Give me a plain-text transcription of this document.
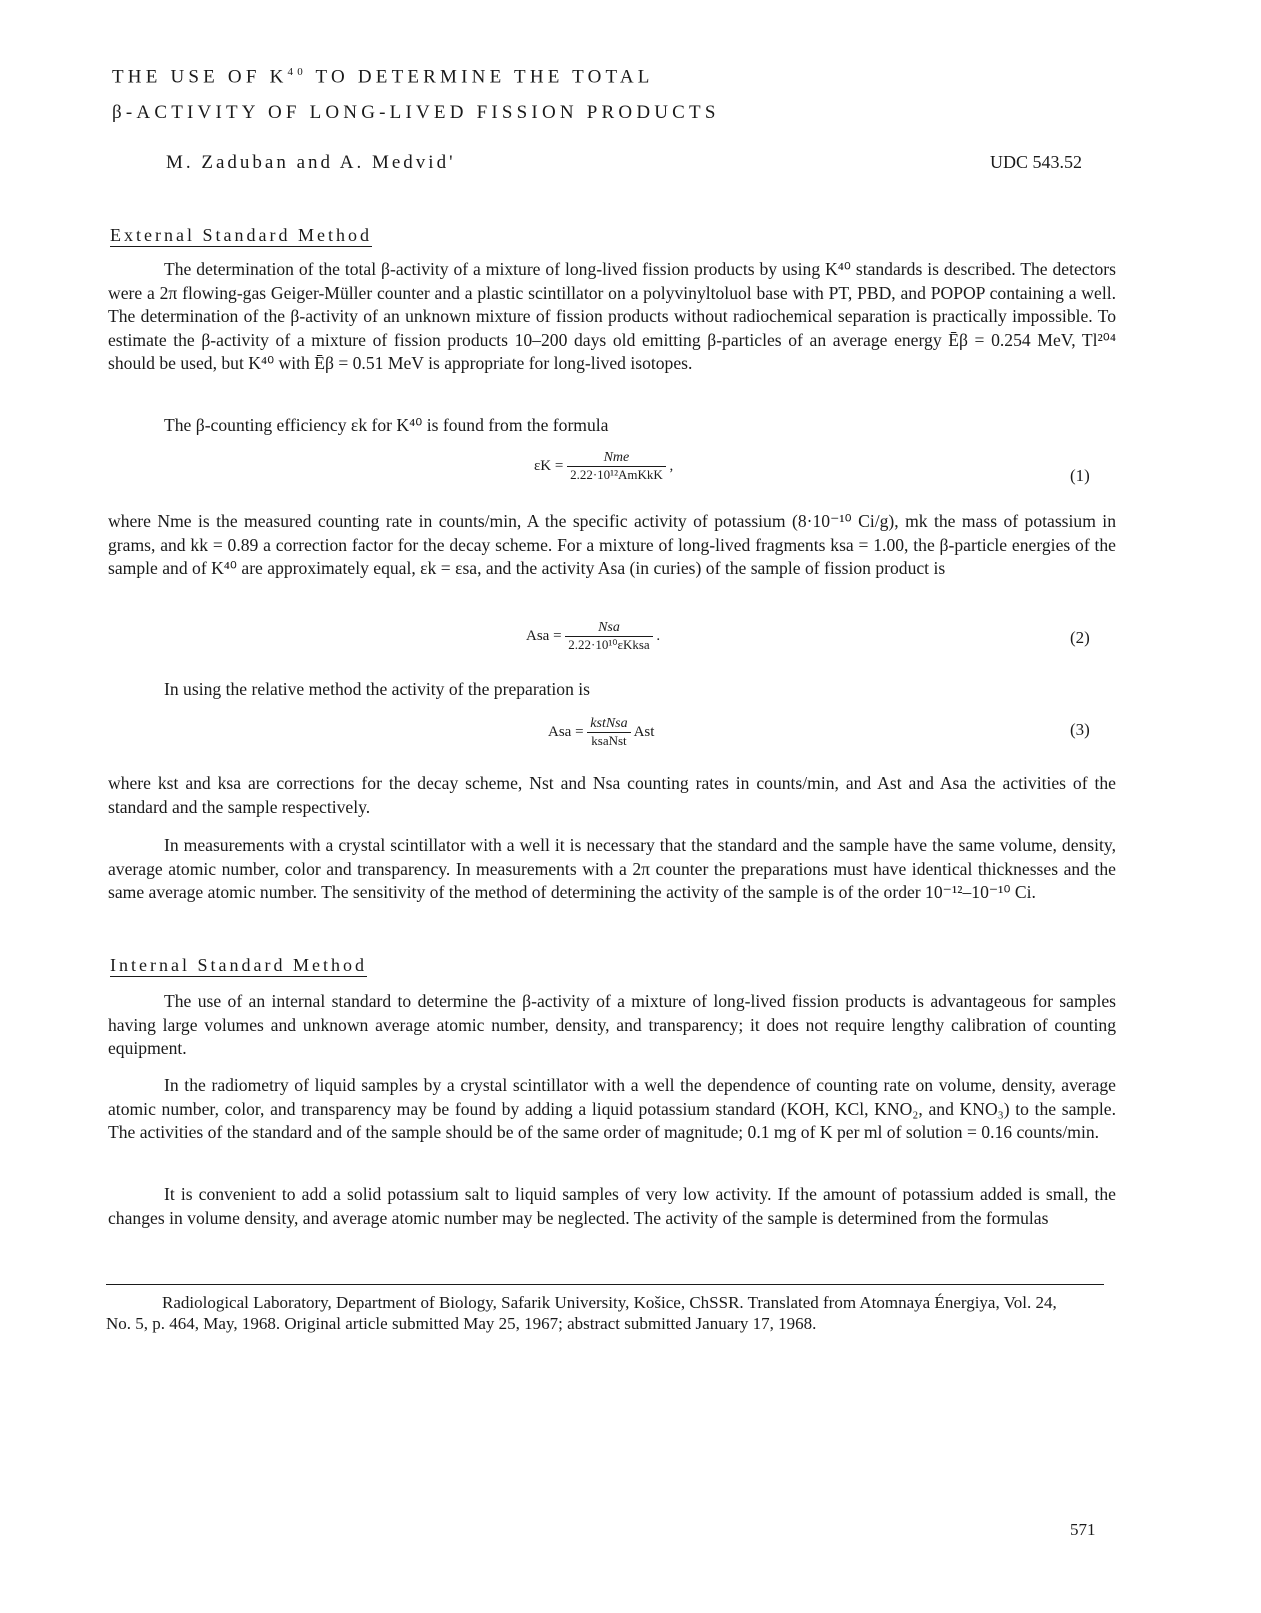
THE USE OF $K^{40}$ TO DETERMINE THE TOTAL
β-ACTIVITY OF LONG-LIVED FISSION PRODUCTS
M. Zaduban and A. Medvid'	UDC 543.52
External Standard Method

The determination of the total β-activity of a mixture of long-lived fission products by using K⁴⁰ standards is described. The detectors were a 2π flowing-gas Geiger-Müller counter and a plastic scintillator on a polyvinyltoluol base with PT, PBD, and POPOP containing a well. The determination of the β-activity of an unknown mixture of fission products without radiochemical separation is practically impossible. To estimate the β-activity of a mixture of fission products 10–200 days old emitting β-particles of an average energy Ēβ = 0.254 MeV, Tl²⁰⁴ should be used, but K⁴⁰ with Ēβ = 0.51 MeV is appropriate for long-lived isotopes.

The β-counting efficiency εk for K⁴⁰ is found from the formula

$\varepsilon K = \frac{\text{Nme}}{\text{2.22·10¹²AmKkK}}$ ,
(1)

where Nme is the measured counting rate in counts/min, A the specific activity of potassium (8·10⁻¹⁰ Ci/g), mk the mass of potassium in grams, and kk = 0.89 a correction factor for the decay scheme. For a mixture of long-lived fragments ksa = 1.00, the β-particle energies of the sample and of K⁴⁰ are approximately equal, εk = εsa, and the activity Asa (in curies) of the sample of fission product is

Asa = $\frac{\text{Nsa}}{\text{2.22·10¹⁰εKksa}}$ .	(2)

In using the relative method the activity of the preparation is

Asa = $\frac{\text{kstNsa}}{\text{ksaNst}}$ Ast	(3)

where kst and ksa are corrections for the decay scheme, Nst and Nsa counting rates in counts/min, and Ast and Asa the activities of the standard and the sample respectively.

In measurements with a crystal scintillator with a well it is necessary that the standard and the sample have the same volume, density, average atomic number, color and transparency. In measurements with a 2π counter the preparations must have identical thicknesses and the same average atomic number. The sensitivity of the method of determining the activity of the sample is of the order 10⁻¹²–10⁻¹⁰ Ci.

Internal Standard Method

The use of an internal standard to determine the β-activity of a mixture of long-lived fission products is advantageous for samples having large volumes and unknown average atomic number, density, and transparency; it does not require lengthy calibration of counting equipment.

In the radiometry of liquid samples by a crystal scintillator with a well the dependence of counting rate on volume, density, average atomic number, color, and transparency may be found by adding a liquid potassium standard (KOH, KCl, KNO₂, and KNO₃) to the sample. The activities of the standard and of the sample should be of the same order of magnitude; 0.1 mg of K per ml of solution = 0.16 counts/min.

It is convenient to add a solid potassium salt to liquid samples of very low activity. If the amount of potassium added is small, the changes in volume density, and average atomic number may be neglected. The activity of the sample is determined from the formulas

Radiological Laboratory, Department of Biology, Safarik University, Košice, ChSSR. Translated from Atomnaya Énergiya, Vol. 24, No. 5, p. 464, May, 1968. Original article submitted May 25, 1967; abstract submitted January 17, 1968.
571
